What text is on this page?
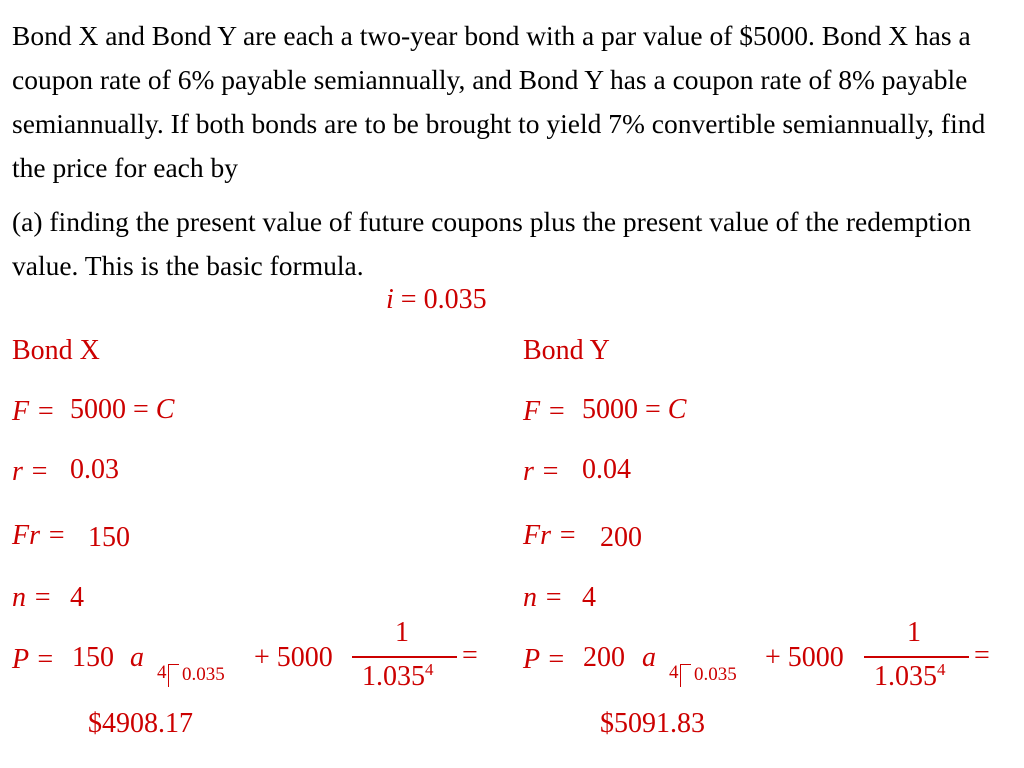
Bond X and Bond Y are each a two-year bond with a par value of $5000. Bond X has a coupon rate of 6% payable semiannually, and Bond Y has a coupon rate of 8% payable semiannually. If both bonds are to be brought to yield 7% convertible semiannually, find the price for each by
(a) finding the present value of future coupons plus the present value of the redemption value. This is the basic formula.
i = 0.035
Bond X
F = 5000 = C
r = 0.03
Fr = 150
n = 4
P = 150 a 4 0.035
+ 5000
1
$1.035^4$ =
$4908.17
Bond Y
F = 5000 = C
r = 0.04
Fr = 200
n = 4
P = 200 a 4 0.035
+ 5000
1
$1.035^4$ =
$5091.83
